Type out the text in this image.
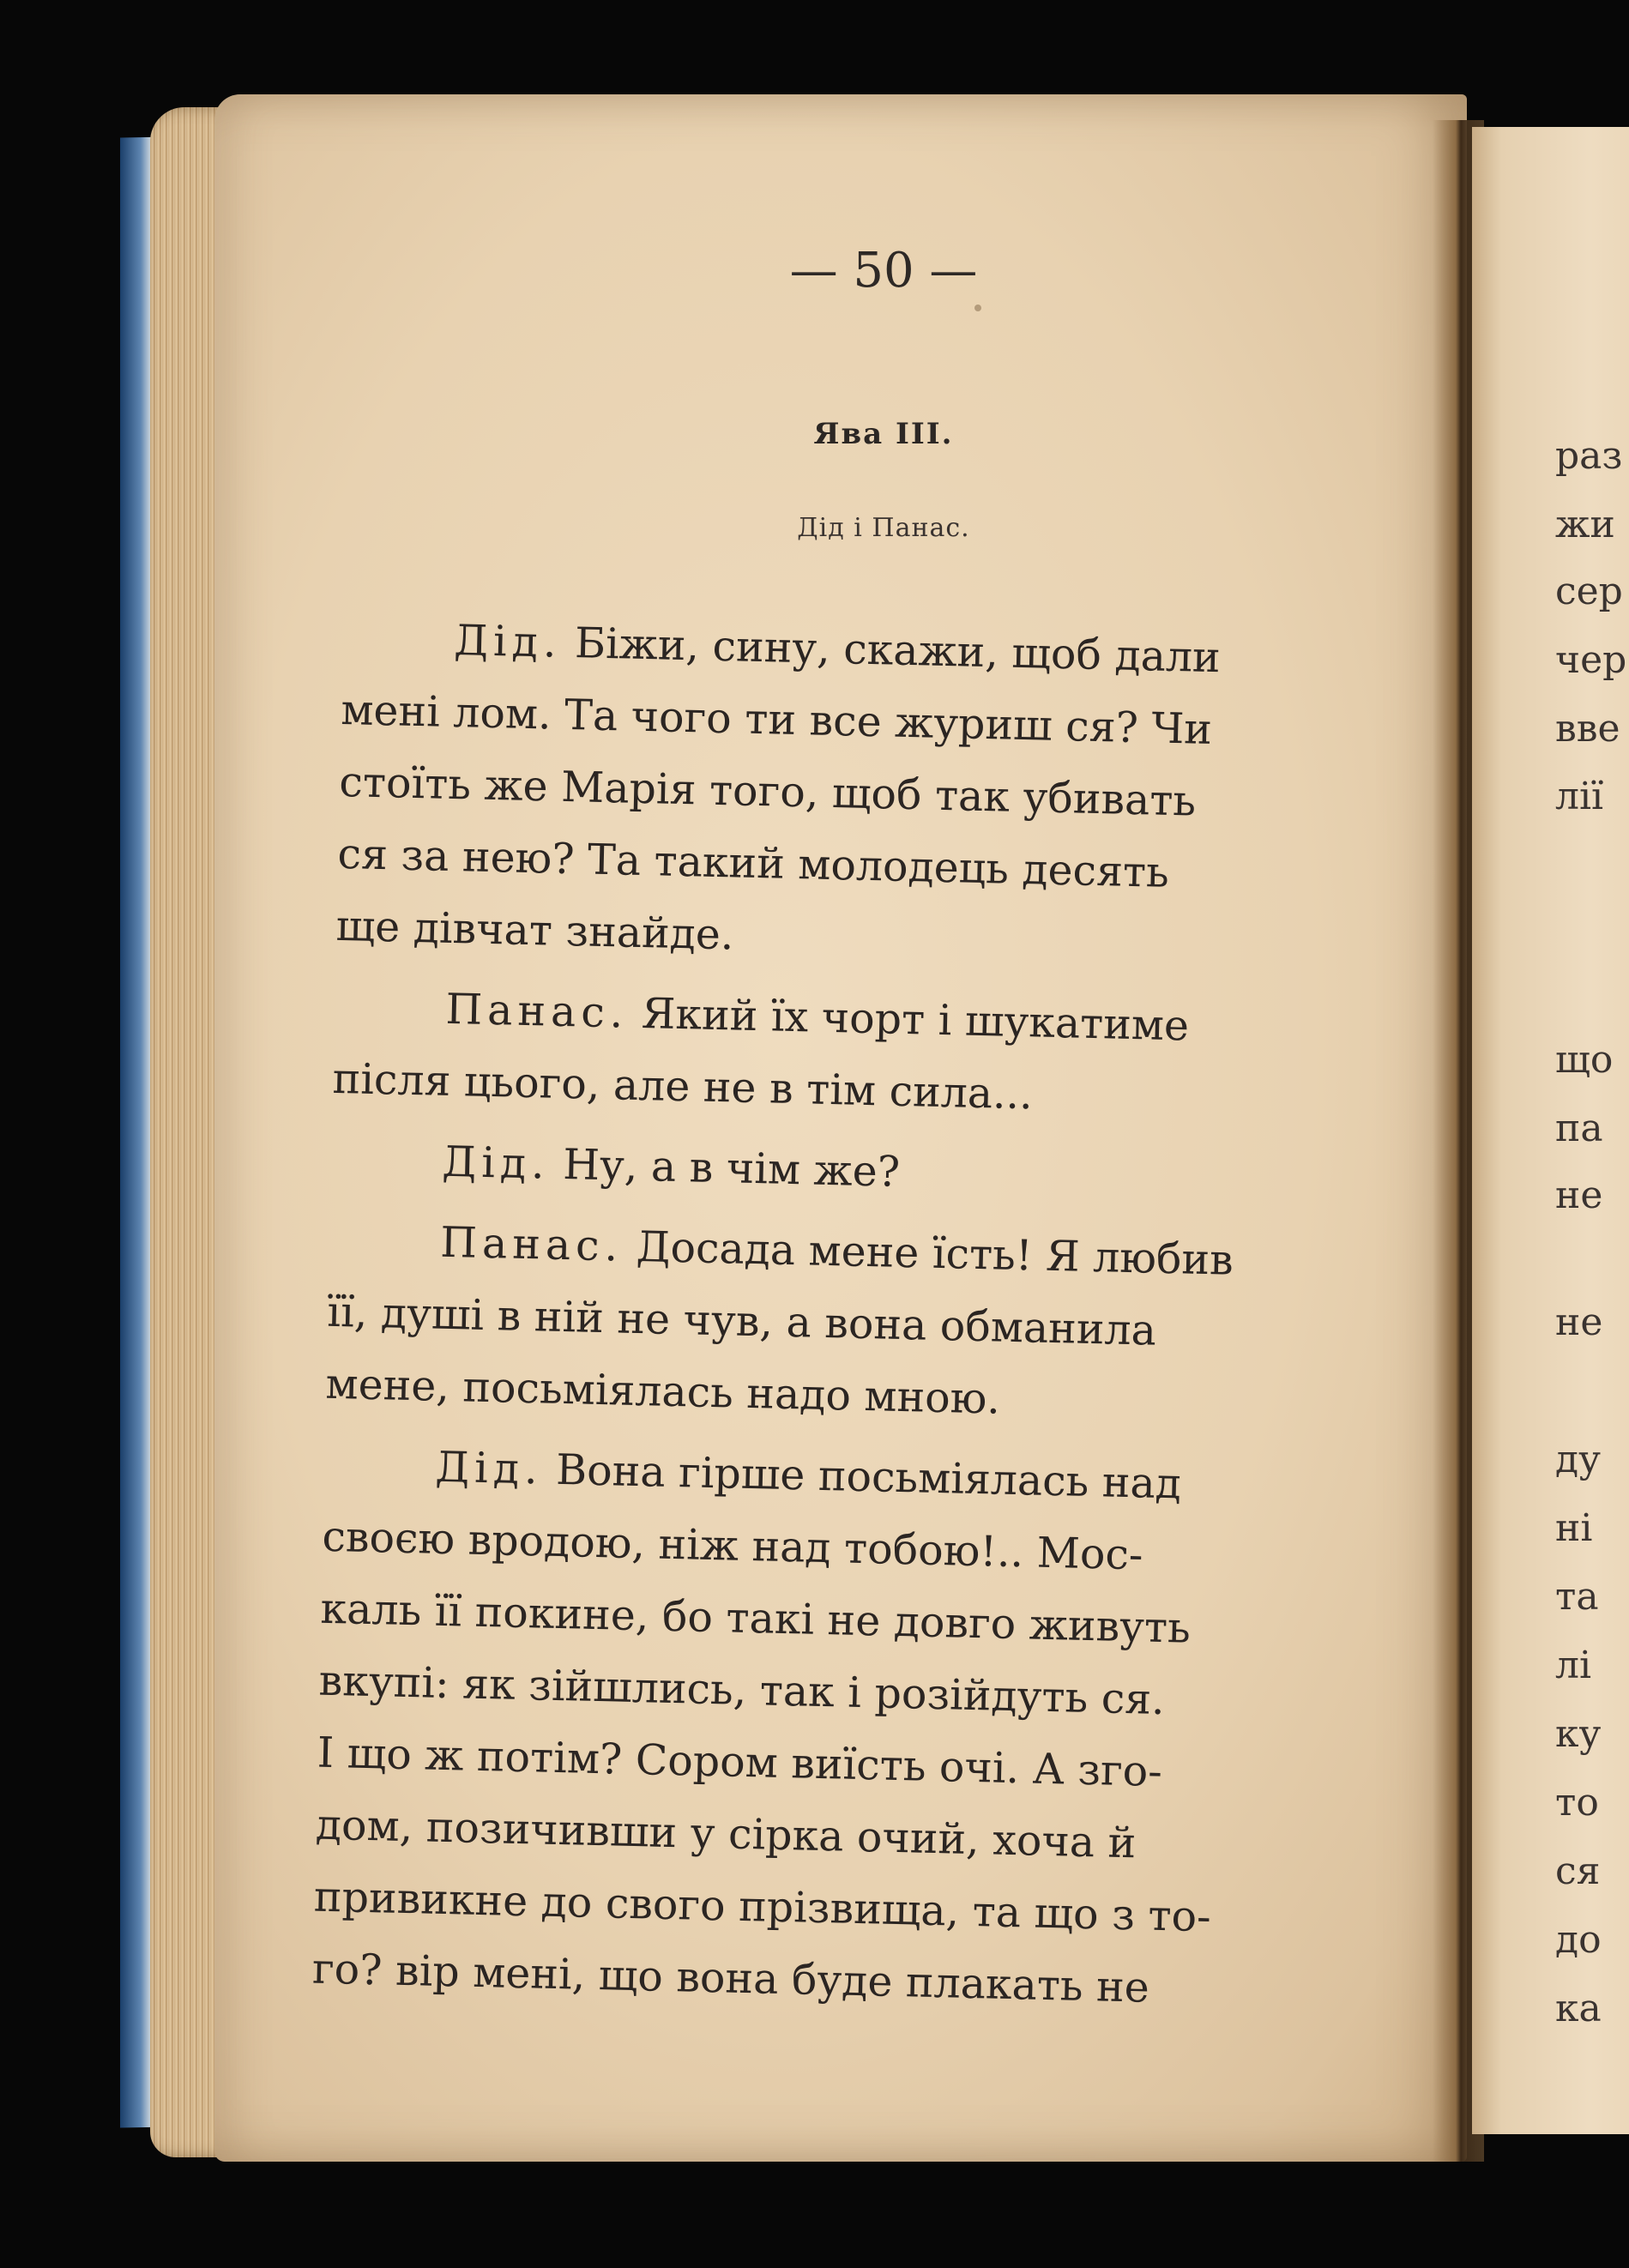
раз
жи
сер
чер
вве
лії
що
па
не
не
ду
ні
та
лі
ку
то
ся
до
ка
— 50 —
Ява III.
Дід і Панас.
Дід. Біжи, сину, скажи, щоб дали
мені лом. Та чого ти все журиш ся? Чи
стоїть же Марія того, щоб так убивать
ся за нею? Та такий молодець десять
ще дівчат знайде.
Панас. Який їх чорт і шукатиме
після цього, але не в тім сила...
Дід. Ну, а в чім же?
Панас. Досада мене їсть! Я любив
її, душі в ній не чув, а вона обманила
мене, посьміялась надо мною.
Дід. Вона гірше посьміялась над
своєю вродою, ніж над тобою!.. Мос-
каль її покине, бо такі не довго живуть
вкупі: як зійшлись, так і розійдуть ся.
І що ж потім? Сором виїсть очі. А зго-
дом, позичивши у сірка очий, хоча й
привикне до свого прізвища, та що з то-
го? вір мені, що вона буде плакать не
